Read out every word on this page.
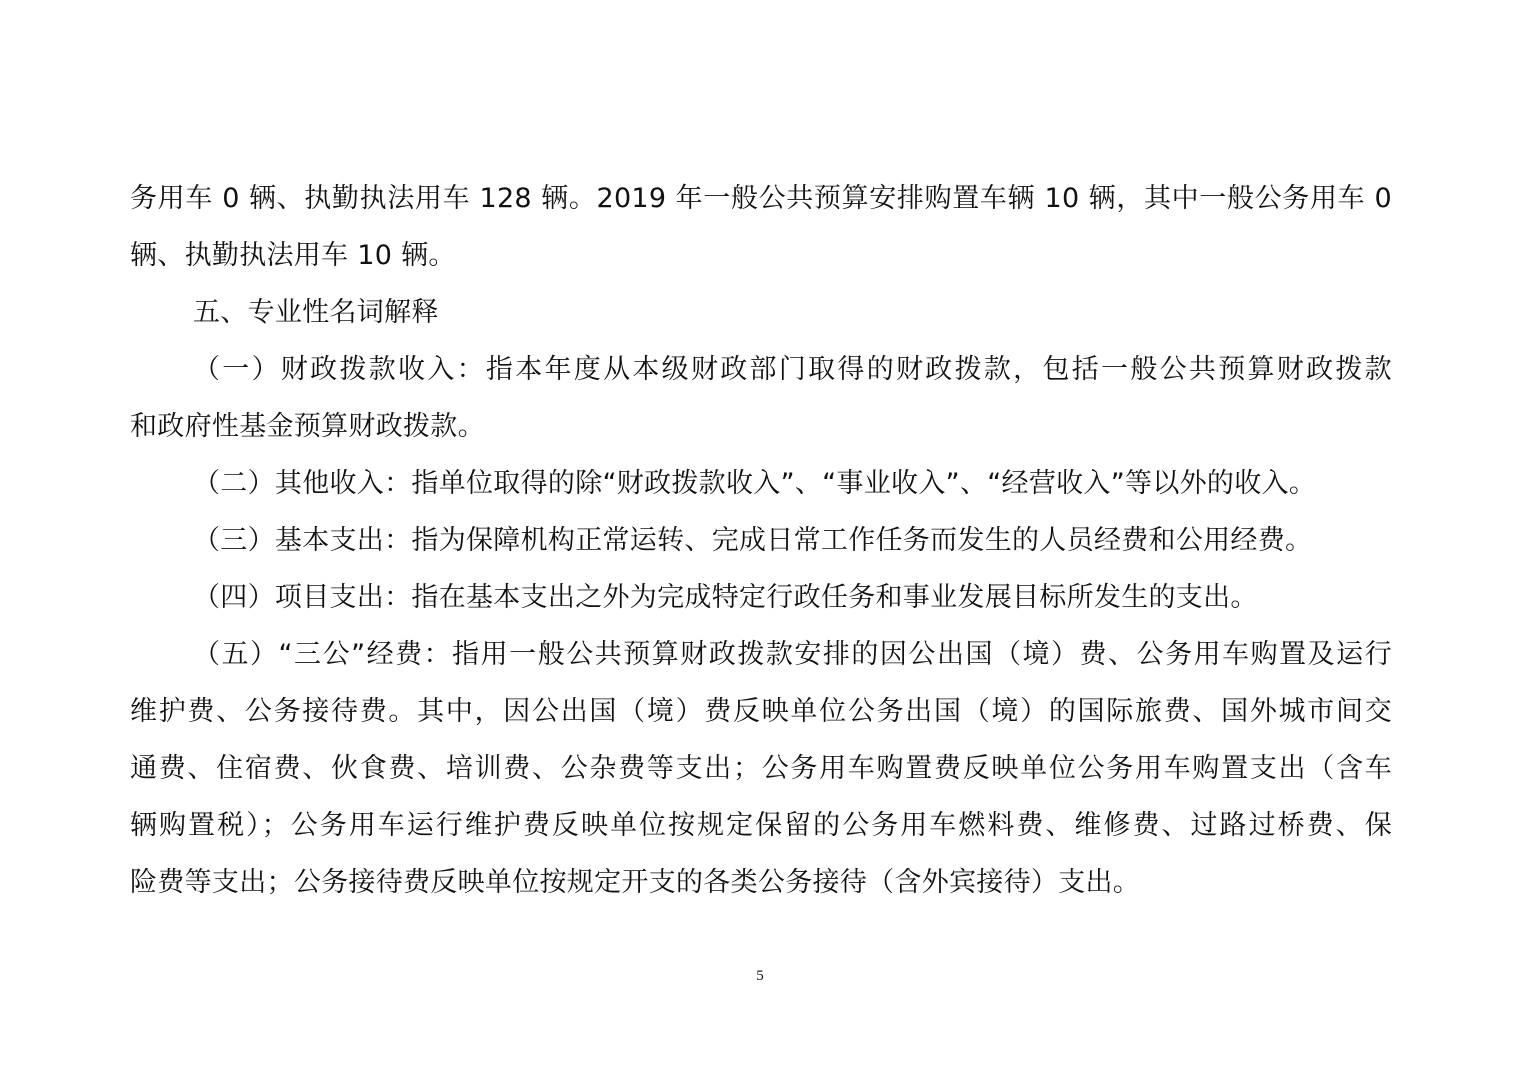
务用车 0 辆、执勤执法用车 128 辆。2019 年一般公共预算安排购置车辆 10 辆，其中一般公务用车 0
辆、执勤执法用车 10 辆。
五、专业性名词解释
（一）财政拨款收入：指本年度从本级财政部门取得的财政拨款，包括一般公共预算财政拨款
和政府性基金预算财政拨款。
（二）其他收入：指单位取得的除“财政拨款收入”、“事业收入”、“经营收入”等以外的收入。
（三）基本支出：指为保障机构正常运转、完成日常工作任务而发生的人员经费和公用经费。
（四）项目支出：指在基本支出之外为完成特定行政任务和事业发展目标所发生的支出。
（五）“三公”经费：指用一般公共预算财政拨款安排的因公出国（境）费、公务用车购置及运行
维护费、公务接待费。其中，因公出国（境）费反映单位公务出国（境）的国际旅费、国外城市间交
通费、住宿费、伙食费、培训费、公杂费等支出；公务用车购置费反映单位公务用车购置支出（含车
辆购置税）；公务用车运行维护费反映单位按规定保留的公务用车燃料费、维修费、过路过桥费、保
险费等支出；公务接待费反映单位按规定开支的各类公务接待（含外宾接待）支出。
5
